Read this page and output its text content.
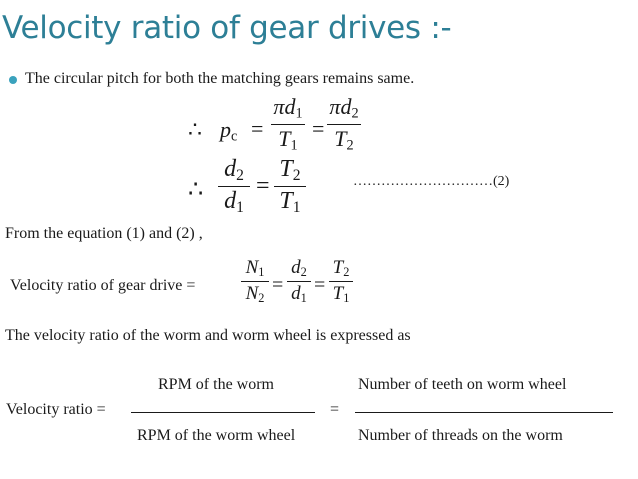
Velocity ratio of gear drives :-
The circular pitch for both the matching gears remains same.
∴ $p_c$ =
$\pi d_1$
$T_1$
=
$\pi d_2$
$T_2$
∴
$d_2$
$d_1$
=
$T_2$
$T_1$
…………………………(2)
From the equation (1) and (2) ,
Velocity ratio of gear drive =
$N_1$
$N_2$
=
$d_2$
$d_1$
=
$T_2$
$T_1$
The velocity ratio of the worm and worm wheel is expressed as
Velocity ratio =
RPM of the worm
RPM of the worm wheel
=
Number of teeth on worm wheel
Number of threads on the worm
